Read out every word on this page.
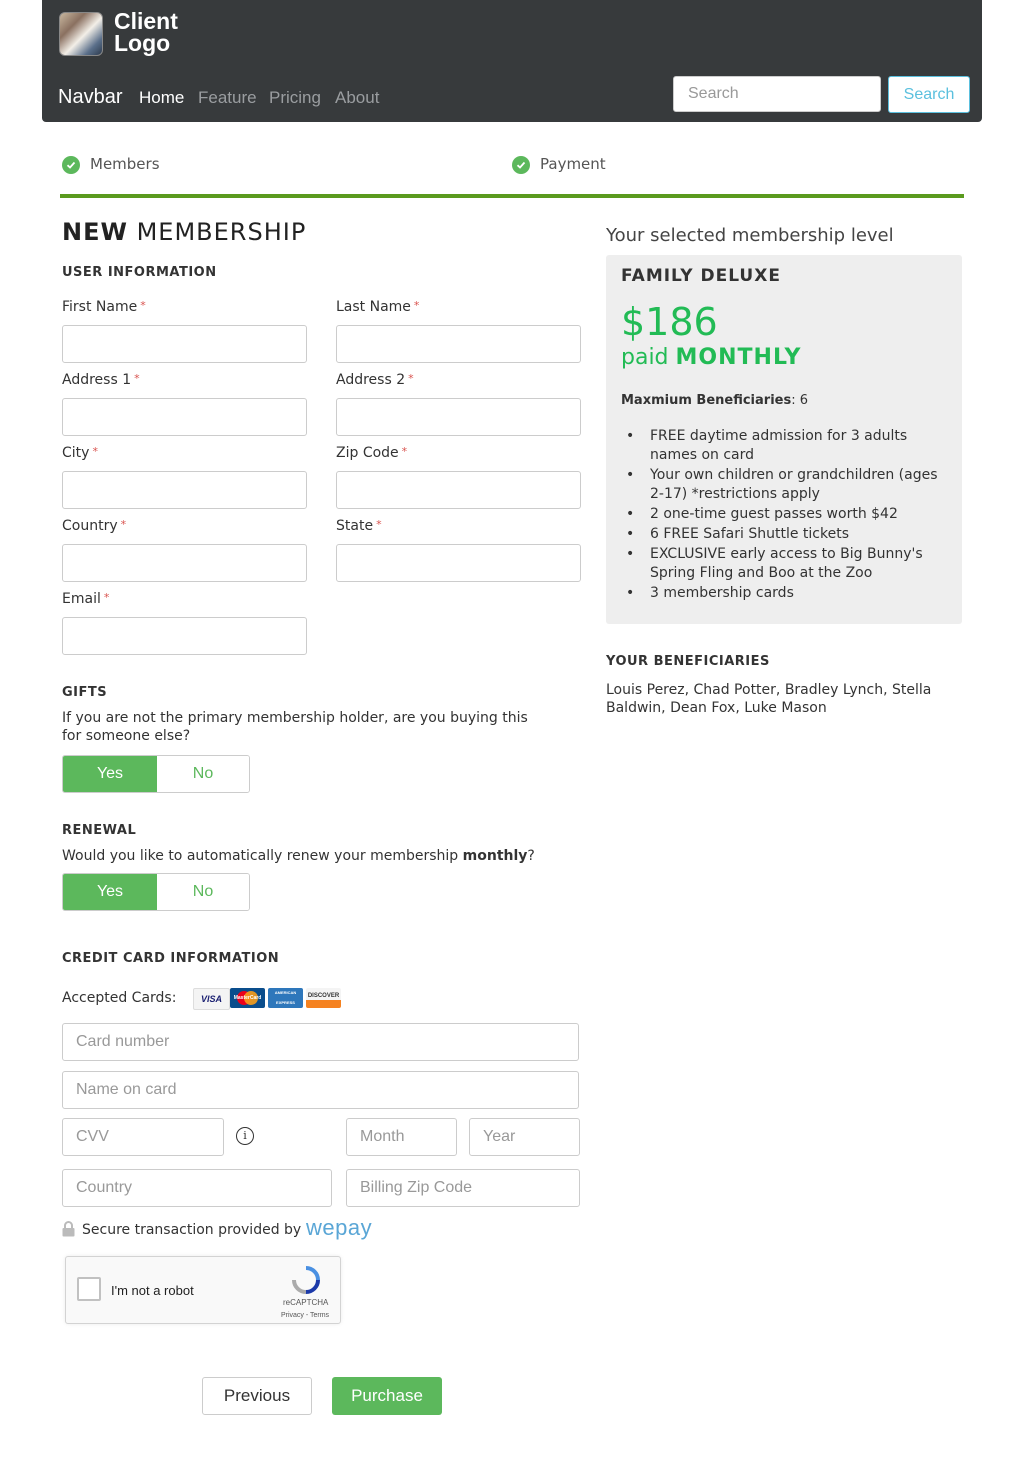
Client
Logo
Navbar Home Feature Pricing About
Search	Search
Members	Payment
NEW MEMBERSHIP
USER INFORMATION
First Name *	Last Name *
Address 1 *	Address 2 *
City *	Zip Code *
Country *	State *
Email *
GIFTS
If you are not the primary membership holder, are you buying this for someone else?
Yes	No
RENEWAL
Would you like to automatically renew your membership monthly?
Yes	No
CREDIT CARD INFORMATION
Accepted Cards:	VISA	MasterCard
AMERICAN EXPRESS
DISCOVER
Card number
Name on card
CVV
i
Month
Year
Country
Billing Zip Code
Secure transaction provided by wepay
I'm not a robot
reCAPTCHA
Privacy - Terms
Previous	Purchase
Your selected membership level
FAMILY DELUXE
$186
paid MONTHLY
Maxmium Beneficiaries: 6
• FREE daytime admission for 3 adults names on card
• Your own children or grandchildren (ages 2-17) *restrictions apply
• 2 one-time guest passes worth $42
• 6 FREE Safari Shuttle tickets
• EXCLUSIVE early access to Big Bunny's Spring Fling and Boo at the Zoo
• 3 membership cards
YOUR BENEFICIARIES
Louis Perez, Chad Potter, Bradley Lynch, Stella Baldwin, Dean Fox, Luke Mason
